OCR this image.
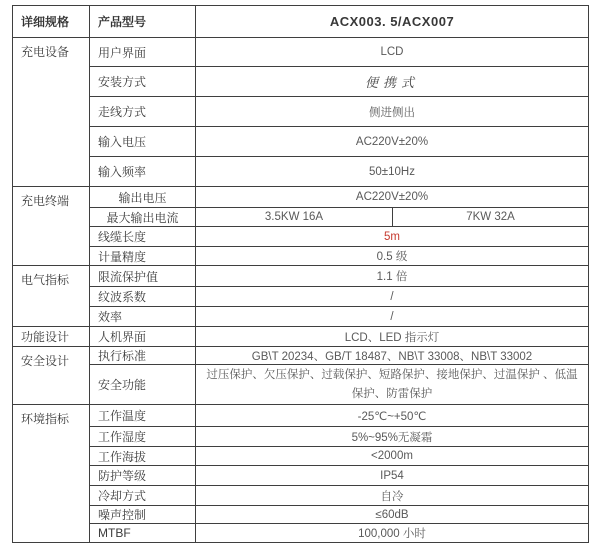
详细规格	产品型号	ACX003. 5/ACX007	
充电设备	用户界面	LCD	
	安装方式	便携式	
	走线方式	侧进侧出	
	输入电压	AC220V±20%	
	输入频率	50±10Hz	
充电终端	输出电压	AC220V±20%	
	最大输出电流	3.5KW 16A	7KW 32A
	线缆长度	5m	
	计量精度	0.5 级	
电气指标	限流保护值	1.1 倍	
	纹波系数	/	
	效率	/	
功能设计	人机界面	LCD、LED 指示灯	
安全设计	执行标准	GB\T 20234、GB/T 18487、NB\T 33008、NB\T 33002	
	安全功能	过压保护、欠压保护、过载保护、短路保护、接地保护、过温保护 、低温保护、防雷保护	
环境指标	工作温度	-25℃~+50℃	
	工作湿度	5%~95%无凝霜	
	工作海拔	<2000m	
	防护等级	IP54	
	冷却方式	自冷	
	噪声控制	≤60dB	
	MTBF	100,000 小时	
